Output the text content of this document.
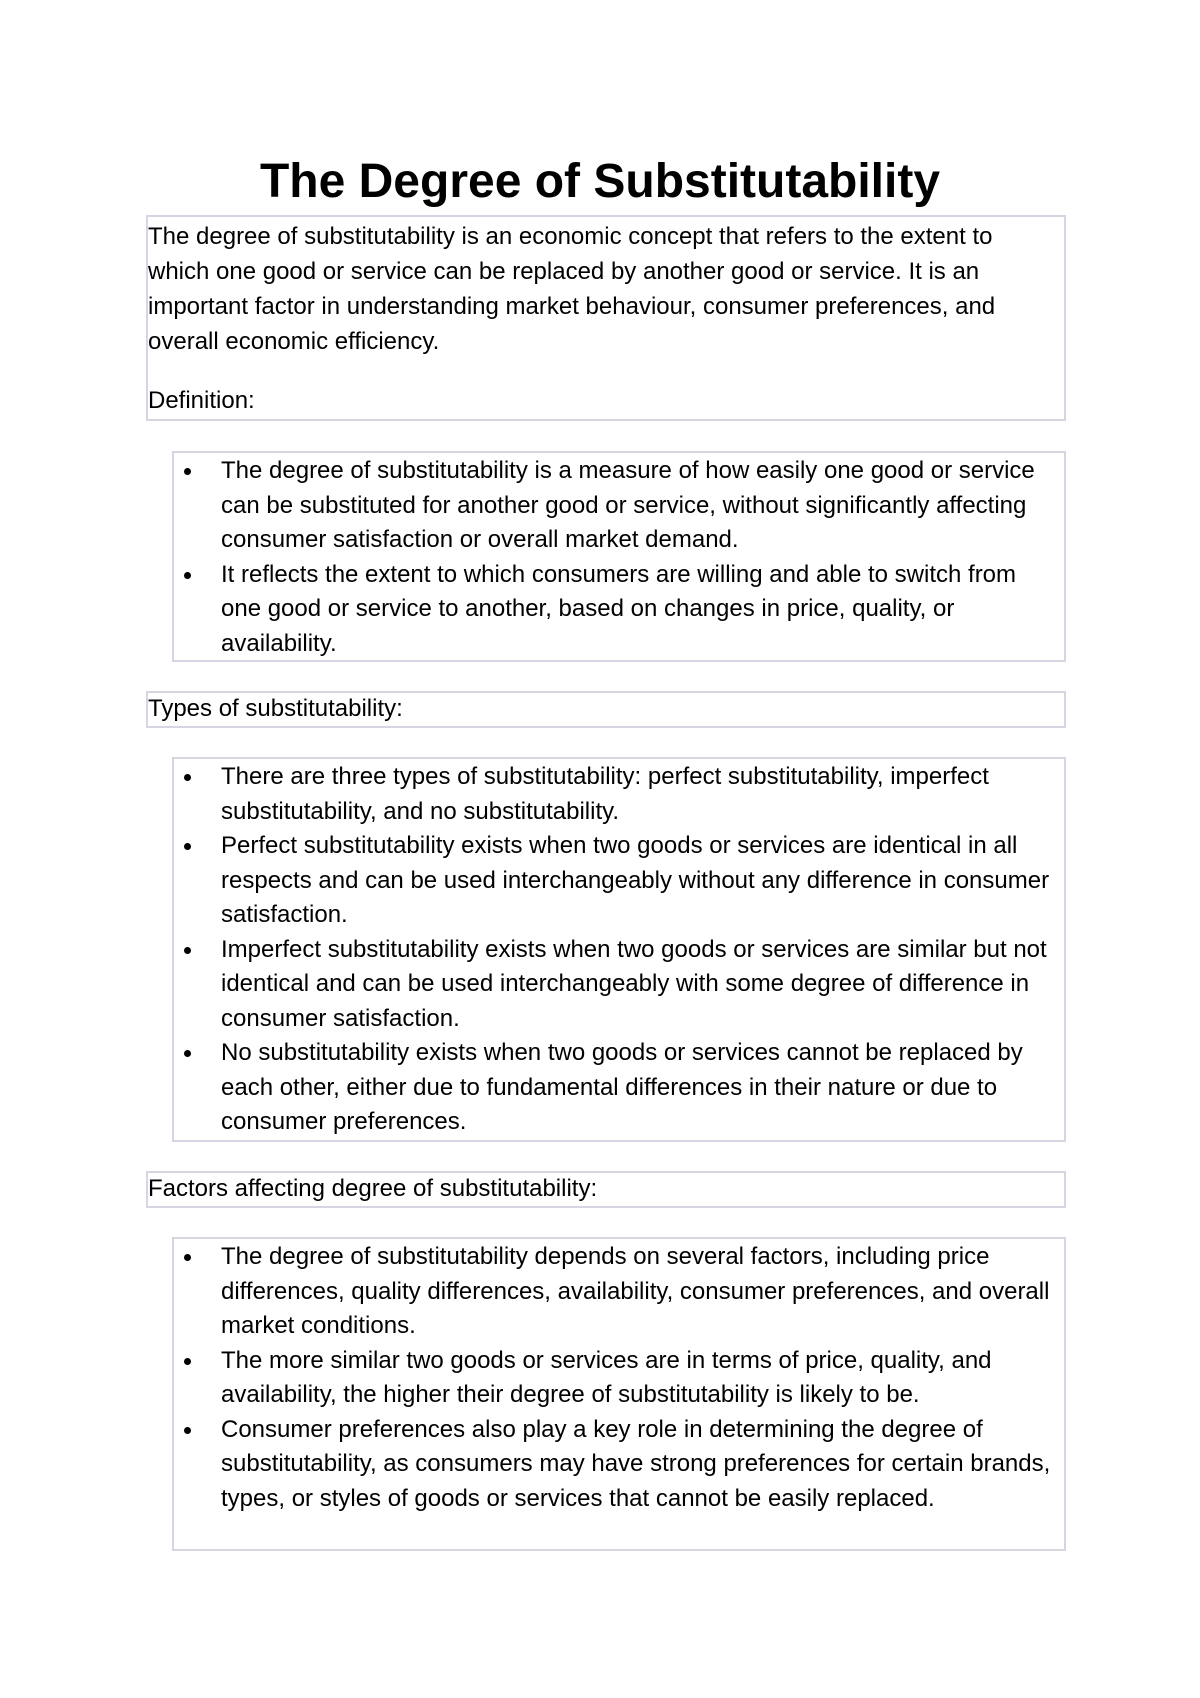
The Degree of Substitutability

The degree of substitutability is an economic concept that refers to the extent to which one good or service can be replaced by another good or service. It is an important factor in understanding market behaviour, consumer preferences, and overall economic efficiency.

Definition:

The degree of substitutability is a measure of how easily one good or service can be substituted for another good or service, without significantly affecting consumer satisfaction or overall market demand.
It reflects the extent to which consumers are willing and able to switch from one good or service to another, based on changes in price, quality, or availability.

Types of substitutability:

There are three types of substitutability: perfect substitutability, imperfect substitutability, and no substitutability.
Perfect substitutability exists when two goods or services are identical in all respects and can be used interchangeably without any difference in consumer satisfaction.
Imperfect substitutability exists when two goods or services are similar but not identical and can be used interchangeably with some degree of difference in consumer satisfaction.
No substitutability exists when two goods or services cannot be replaced by each other, either due to fundamental differences in their nature or due to consumer preferences.

Factors affecting degree of substitutability:

The degree of substitutability depends on several factors, including price differences, quality differences, availability, consumer preferences, and overall market conditions.
The more similar two goods or services are in terms of price, quality, and availability, the higher their degree of substitutability is likely to be.
Consumer preferences also play a key role in determining the degree of substitutability, as consumers may have strong preferences for certain brands, types, or styles of goods or services that cannot be easily replaced.
